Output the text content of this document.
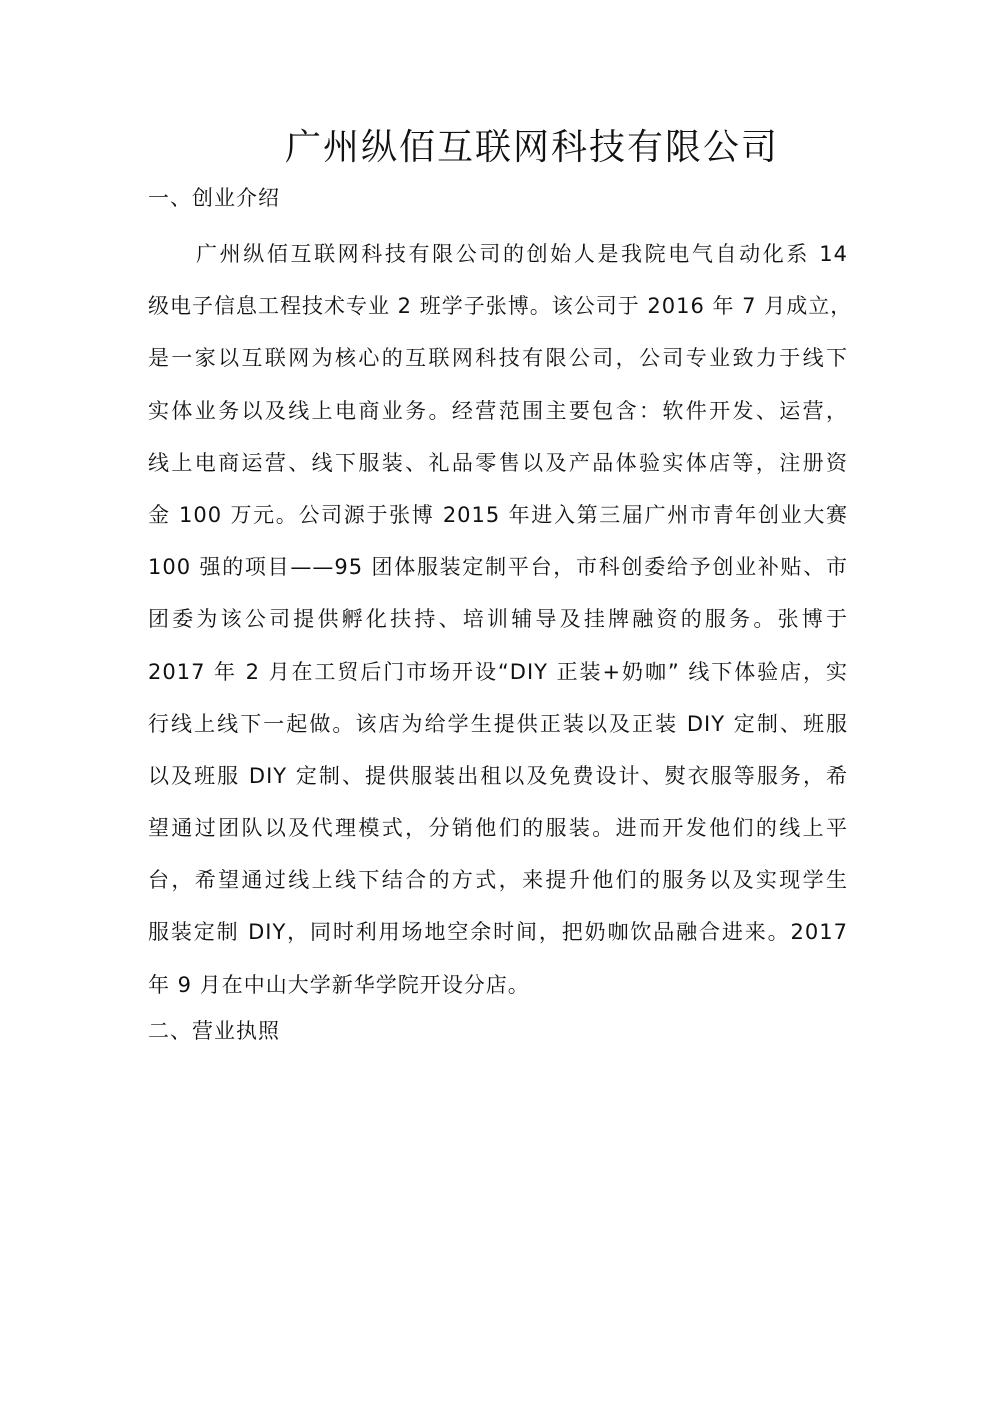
广州纵佰互联网科技有限公司
一、创业介绍
广州纵佰互联网科技有限公司的创始人是我院电气自动化系 14
级电子信息工程技术专业 2 班学子张博。该公司于 2016 年 7 月成立，
是一家以互联网为核心的互联网科技有限公司，公司专业致力于线下
实体业务以及线上电商业务。经营范围主要包含：软件开发、运营，
线上电商运营、线下服装、礼品零售以及产品体验实体店等，注册资
金 100 万元。公司源于张博 2015 年进入第三届广州市青年创业大赛
100 强的项目——95 团体服装定制平台，市科创委给予创业补贴、市
团委为该公司提供孵化扶持、培训辅导及挂牌融资的服务。张博于
2017 年 2 月在工贸后门市场开设“DIY 正装+奶咖” 线下体验店，实
行线上线下一起做。该店为给学生提供正装以及正装 DIY 定制、班服
以及班服 DIY 定制、提供服装出租以及免费设计、熨衣服等服务，希
望通过团队以及代理模式，分销他们的服装。进而开发他们的线上平
台，希望通过线上线下结合的方式，来提升他们的服务以及实现学生
服装定制 DIY，同时利用场地空余时间，把奶咖饮品融合进来。2017
年 9 月在中山大学新华学院开设分店。
二、营业执照
